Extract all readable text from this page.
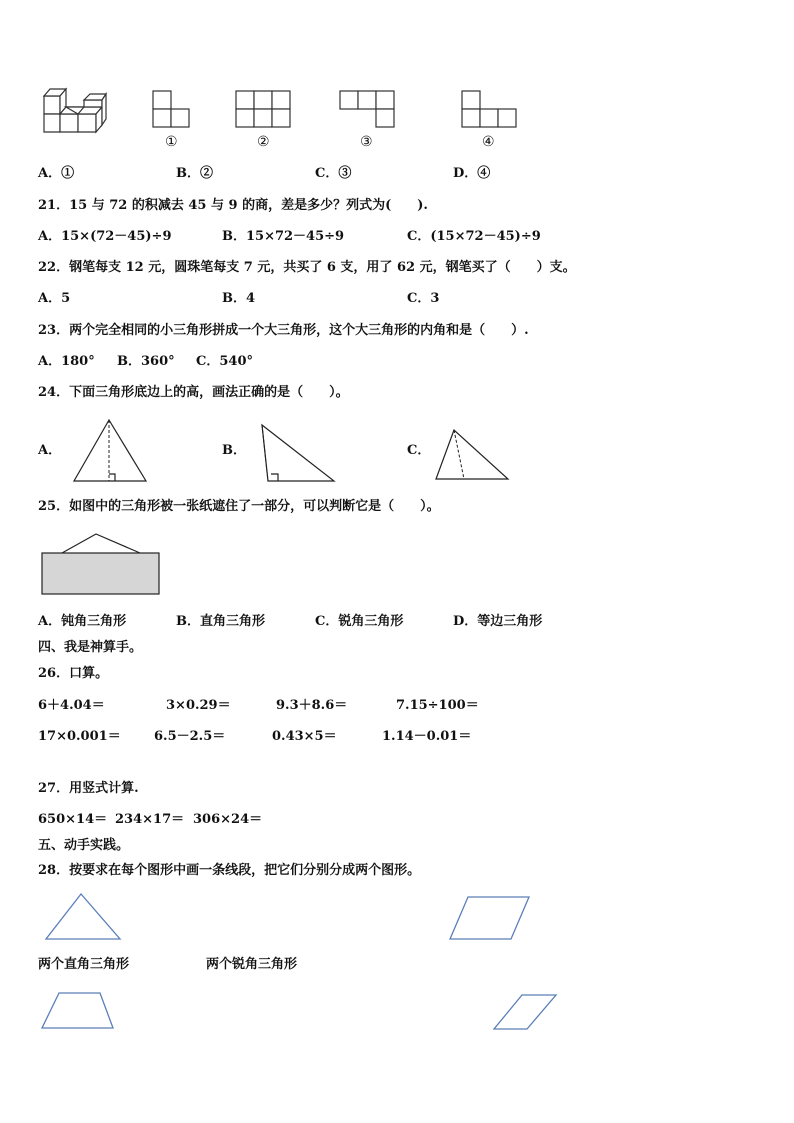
①	②	③	④
A．①	B．②	C．③	D．④
21．15 与 72 的积减去 45 与 9 的商，差是多少？列式为(　　).
A．15×(72－45)÷9	B．15×72－45÷9	C．(15×72－45)÷9
22．钢笔每支 12 元，圆珠笔每支 7 元，共买了 6 支，用了 62 元，钢笔买了（　　）支。
A．5	B．4	C．3
23．两个完全相同的小三角形拼成一个大三角形，这个大三角形的内角和是（　　）.
A．180° B．360° C．540°
24．下面三角形底边上的高，画法正确的是（　　）。
A．	B．	C．
25．如图中的三角形被一张纸遮住了一部分，可以判断它是（　　）。
A．钝角三角形	B．直角三角形	C．锐角三角形	D．等边三角形
四、我是神算手。
26．口算。
6＋4.04＝	3×0.29＝	9.3＋8.6＝	7.15÷100＝
17×0.001＝	6.5－2.5＝	0.43×5＝	1.14－0.01＝
27．用竖式计算.
650×14＝ 234×17＝ 306×24＝
五、动手实践。
28．按要求在每个图形中画一条线段，把它们分别分成两个图形。
两个直角三角形	两个锐角三角形
